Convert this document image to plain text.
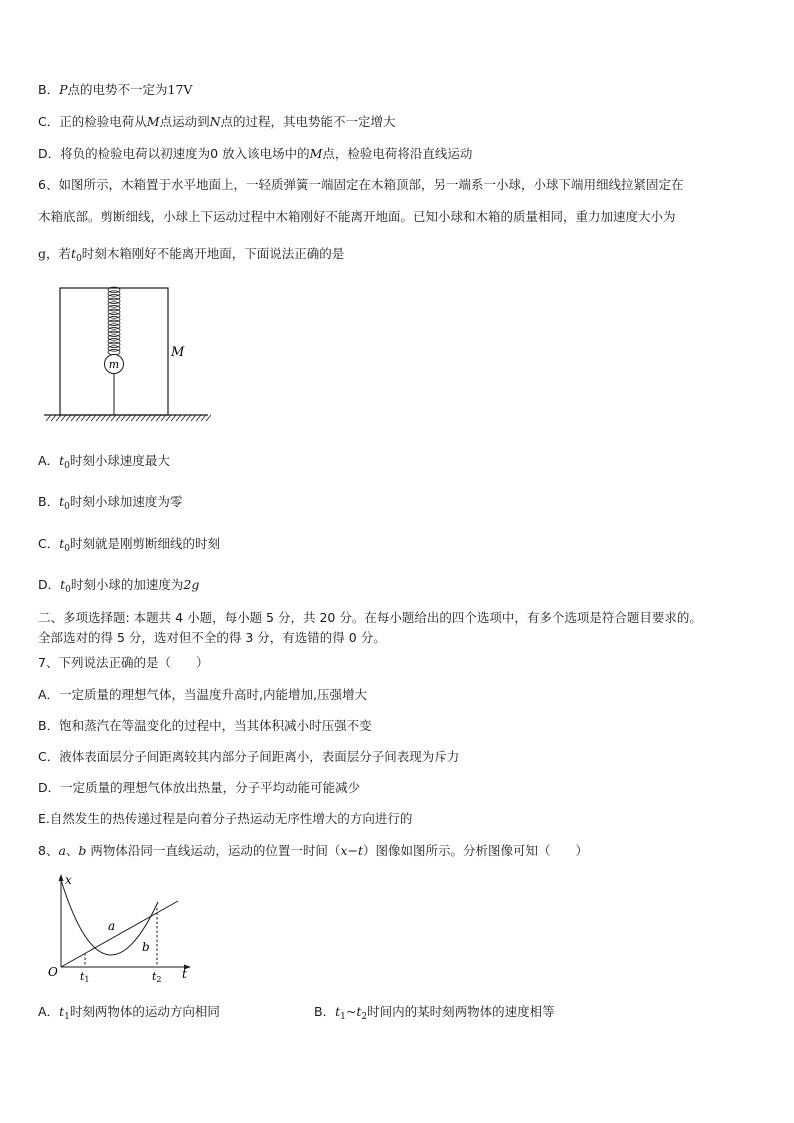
B．P点的电势不一定为17V
C．正的检验电荷从M点运动到N点的过程，其电势能不一定增大
D．将负的检验电荷以初速度为0 放入该电场中的M点，检验电荷将沿直线运动
6、如图所示，木箱置于水平地面上，一轻质弹簧一端固定在木箱顶部，另一端系一小球，小球下端用细线拉紧固定在
木箱底部。剪断细线，小球上下运动过程中木箱刚好不能离开地面。已知小球和木箱的质量相同，重力加速度大小为
g，若$t_0$时刻木箱刚好不能离开地面，下面说法正确的是
m
M
A．$t_0$时刻小球速度最大
B．$t_0$时刻小球加速度为零
C．$t_0$时刻就是刚剪断细线的时刻
D．$t_0$时刻小球的加速度为2g
二、多项选择题: 本题共 4 小题，每小题 5 分，共 20 分。在每小题给出的四个选项中，有多个选项是符合题目要求的。
全部选对的得 5 分，选对但不全的得 3 分，有选错的得 0 分。
7、下列说法正确的是（　　）
A．一定质量的理想气体，当温度升高时,内能增加,压强增大
B．饱和蒸汽在等温变化的过程中，当其体积减小时压强不变
C．液体表面层分子间距离较其内部分子间距离小，表面层分子间表现为斥力
D．一定质量的理想气体放出热量，分子平均动能可能减少
E.自然发生的热传递过程是向着分子热运动无序性增大的方向进行的
8、a、b 两物体沿同一直线运动，运动的位置一时间（x−t）图像如图所示。分析图像可知（　　）
x
t
O
a
b
t1	t2
A．$t_1$时刻两物体的运动方向相同	B．$t_1\sim t_2$时间内的某时刻两物体的速度相等
